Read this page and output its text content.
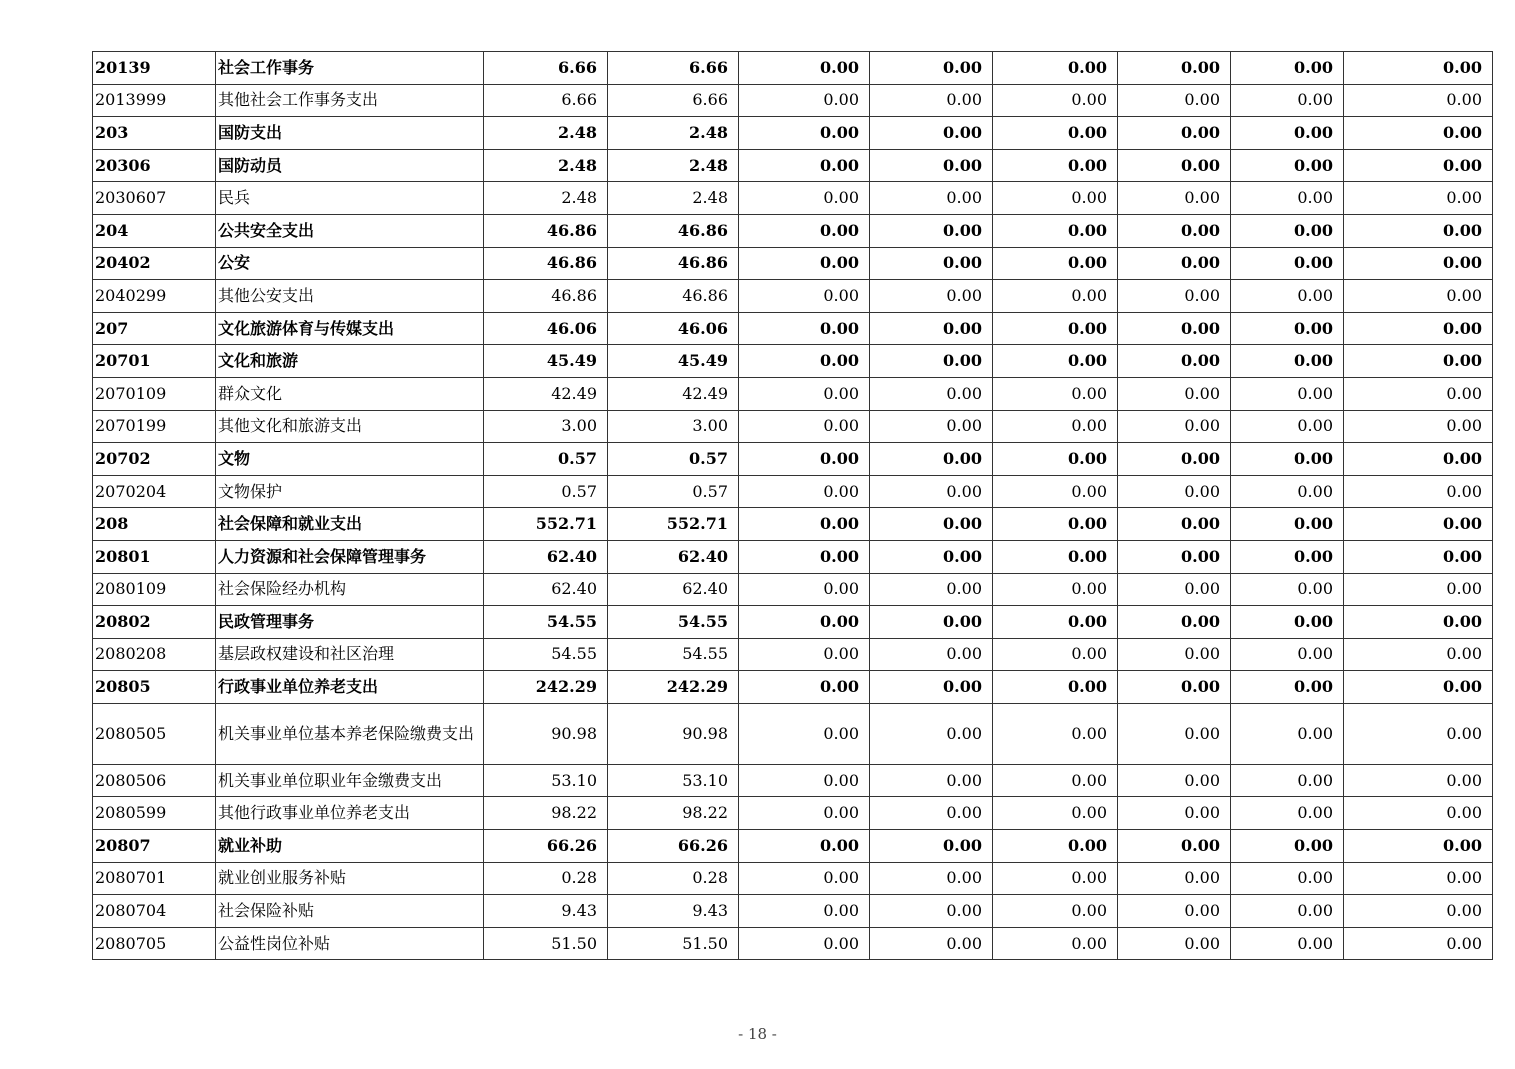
20139	社会工作事务	6.66	6.66	0.00	0.00	0.00	0.00	0.00	0.00
2013999	其他社会工作事务支出	6.66	6.66	0.00	0.00	0.00	0.00	0.00	0.00
203	国防支出	2.48	2.48	0.00	0.00	0.00	0.00	0.00	0.00
20306	国防动员	2.48	2.48	0.00	0.00	0.00	0.00	0.00	0.00
2030607	民兵	2.48	2.48	0.00	0.00	0.00	0.00	0.00	0.00
204	公共安全支出	46.86	46.86	0.00	0.00	0.00	0.00	0.00	0.00
20402	公安	46.86	46.86	0.00	0.00	0.00	0.00	0.00	0.00
2040299	其他公安支出	46.86	46.86	0.00	0.00	0.00	0.00	0.00	0.00
207	文化旅游体育与传媒支出	46.06	46.06	0.00	0.00	0.00	0.00	0.00	0.00
20701	文化和旅游	45.49	45.49	0.00	0.00	0.00	0.00	0.00	0.00
2070109	群众文化	42.49	42.49	0.00	0.00	0.00	0.00	0.00	0.00
2070199	其他文化和旅游支出	3.00	3.00	0.00	0.00	0.00	0.00	0.00	0.00
20702	文物	0.57	0.57	0.00	0.00	0.00	0.00	0.00	0.00
2070204	文物保护	0.57	0.57	0.00	0.00	0.00	0.00	0.00	0.00
208	社会保障和就业支出	552.71	552.71	0.00	0.00	0.00	0.00	0.00	0.00
20801	人力资源和社会保障管理事务	62.40	62.40	0.00	0.00	0.00	0.00	0.00	0.00
2080109	社会保险经办机构	62.40	62.40	0.00	0.00	0.00	0.00	0.00	0.00
20802	民政管理事务	54.55	54.55	0.00	0.00	0.00	0.00	0.00	0.00
2080208	基层政权建设和社区治理	54.55	54.55	0.00	0.00	0.00	0.00	0.00	0.00
20805	行政事业单位养老支出	242.29	242.29	0.00	0.00	0.00	0.00	0.00	0.00
2080505	机关事业单位基本养老保险缴费支出	90.98	90.98	0.00	0.00	0.00	0.00	0.00	0.00
2080506	机关事业单位职业年金缴费支出	53.10	53.10	0.00	0.00	0.00	0.00	0.00	0.00
2080599	其他行政事业单位养老支出	98.22	98.22	0.00	0.00	0.00	0.00	0.00	0.00
20807	就业补助	66.26	66.26	0.00	0.00	0.00	0.00	0.00	0.00
2080701	就业创业服务补贴	0.28	0.28	0.00	0.00	0.00	0.00	0.00	0.00
2080704	社会保险补贴	9.43	9.43	0.00	0.00	0.00	0.00	0.00	0.00
2080705	公益性岗位补贴	51.50	51.50	0.00	0.00	0.00	0.00	0.00	0.00
- 18 -
